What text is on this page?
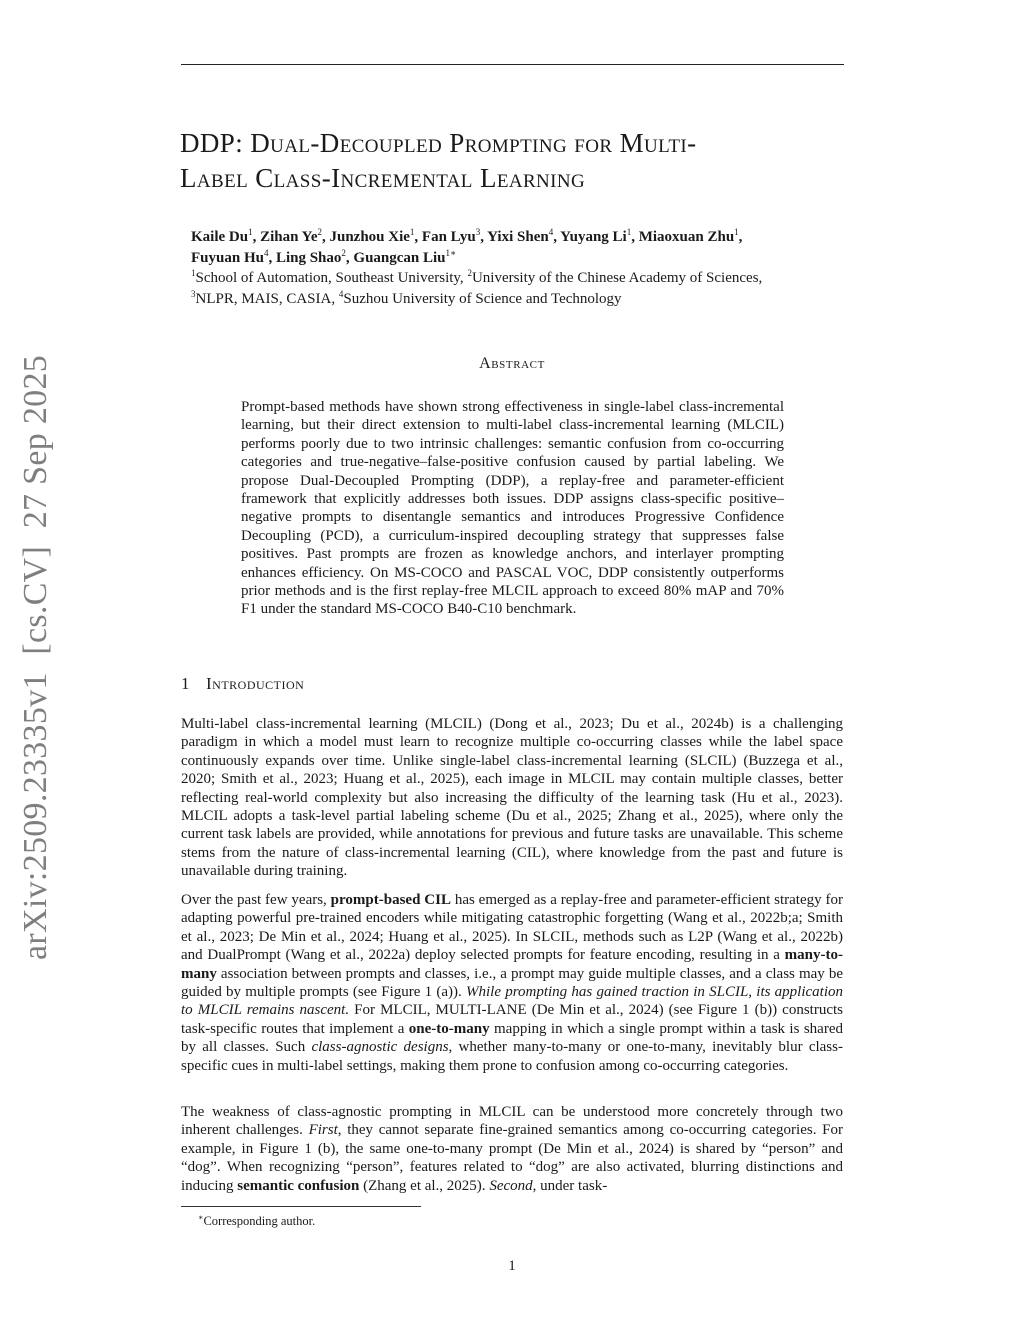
arXiv:2509.23335v1  [cs.CV]  27 Sep 2025
DDP: Dual-Decoupled Prompting for Multi-
Label Class-Incremental Learning
Kaile Du$^1$, Zihan Ye$^2$, Junzhou Xie$^1$, Fan Lyu$^3$, Yixi Shen$^4$, Yuyang Li$^1$, Miaoxuan Zhu$^1$,
Fuyuan Hu$^4$, Ling Shao$^2$, Guangcan Liu$^{1∗}$
$^1$School of Automation, Southeast University, $^2$University of the Chinese Academy of Sciences,
$^3$NLPR, MAIS, CASIA, $^4$Suzhou University of Science and Technology
Abstract
Prompt-based methods have shown strong effectiveness in single-label class-incremental learning, but their direct extension to multi-label class-incremental learning (MLCIL) performs poorly due to two intrinsic challenges: semantic confusion from co-occurring categories and true-negative–false-positive confusion caused by partial labeling. We propose Dual-Decoupled Prompting (DDP), a replay-free and parameter-efficient framework that explicitly addresses both issues. DDP assigns class-specific positive–negative prompts to disentangle semantics and introduces Progressive Confidence Decoupling (PCD), a curriculum-inspired decoupling strategy that suppresses false positives. Past prompts are frozen as knowledge anchors, and interlayer prompting enhances efficiency. On MS-COCO and PASCAL VOC, DDP consistently outperforms prior methods and is the first replay-free MLCIL approach to exceed 80% mAP and 70% F1 under the standard MS-COCO B40-C10 benchmark.
1 Introduction
Multi-label class-incremental learning (MLCIL) (Dong et al., 2023; Du et al., 2024b) is a challenging paradigm in which a model must learn to recognize multiple co-occurring classes while the label space continuously expands over time. Unlike single-label class-incremental learning (SLCIL) (Buzzega et al., 2020; Smith et al., 2023; Huang et al., 2025), each image in MLCIL may contain multiple classes, better reflecting real-world complexity but also increasing the difficulty of the learning task (Hu et al., 2023). MLCIL adopts a task-level partial labeling scheme (Du et al., 2025; Zhang et al., 2025), where only the current task labels are provided, while annotations for previous and future tasks are unavailable. This scheme stems from the nature of class-incremental learning (CIL), where knowledge from the past and future is unavailable during training.
Over the past few years, prompt-based CIL has emerged as a replay-free and parameter-efficient strategy for adapting powerful pre-trained encoders while mitigating catastrophic forgetting (Wang et al., 2022b;a; Smith et al., 2023; De Min et al., 2024; Huang et al., 2025). In SLCIL, methods such as L2P (Wang et al., 2022b) and DualPrompt (Wang et al., 2022a) deploy selected prompts for feature encoding, resulting in a many-to-many association between prompts and classes, i.e., a prompt may guide multiple classes, and a class may be guided by multiple prompts (see Figure 1 (a)). While prompting has gained traction in SLCIL, its application to MLCIL remains nascent. For MLCIL, MULTI-LANE (De Min et al., 2024) (see Figure 1 (b)) constructs task-specific routes that implement a one-to-many mapping in which a single prompt within a task is shared by all classes. Such class-agnostic designs, whether many-to-many or one-to-many, inevitably blur class-specific cues in multi-label settings, making them prone to confusion among co-occurring categories.
The weakness of class-agnostic prompting in MLCIL can be understood more concretely through two inherent challenges. First, they cannot separate fine-grained semantics among co-occurring categories. For example, in Figure 1 (b), the same one-to-many prompt (De Min et al., 2024) is shared by “person” and “dog”. When recognizing “person”, features related to “dog” are also activated, blurring distinctions and inducing semantic confusion (Zhang et al., 2025). Second, under task-
∗Corresponding author.
1
